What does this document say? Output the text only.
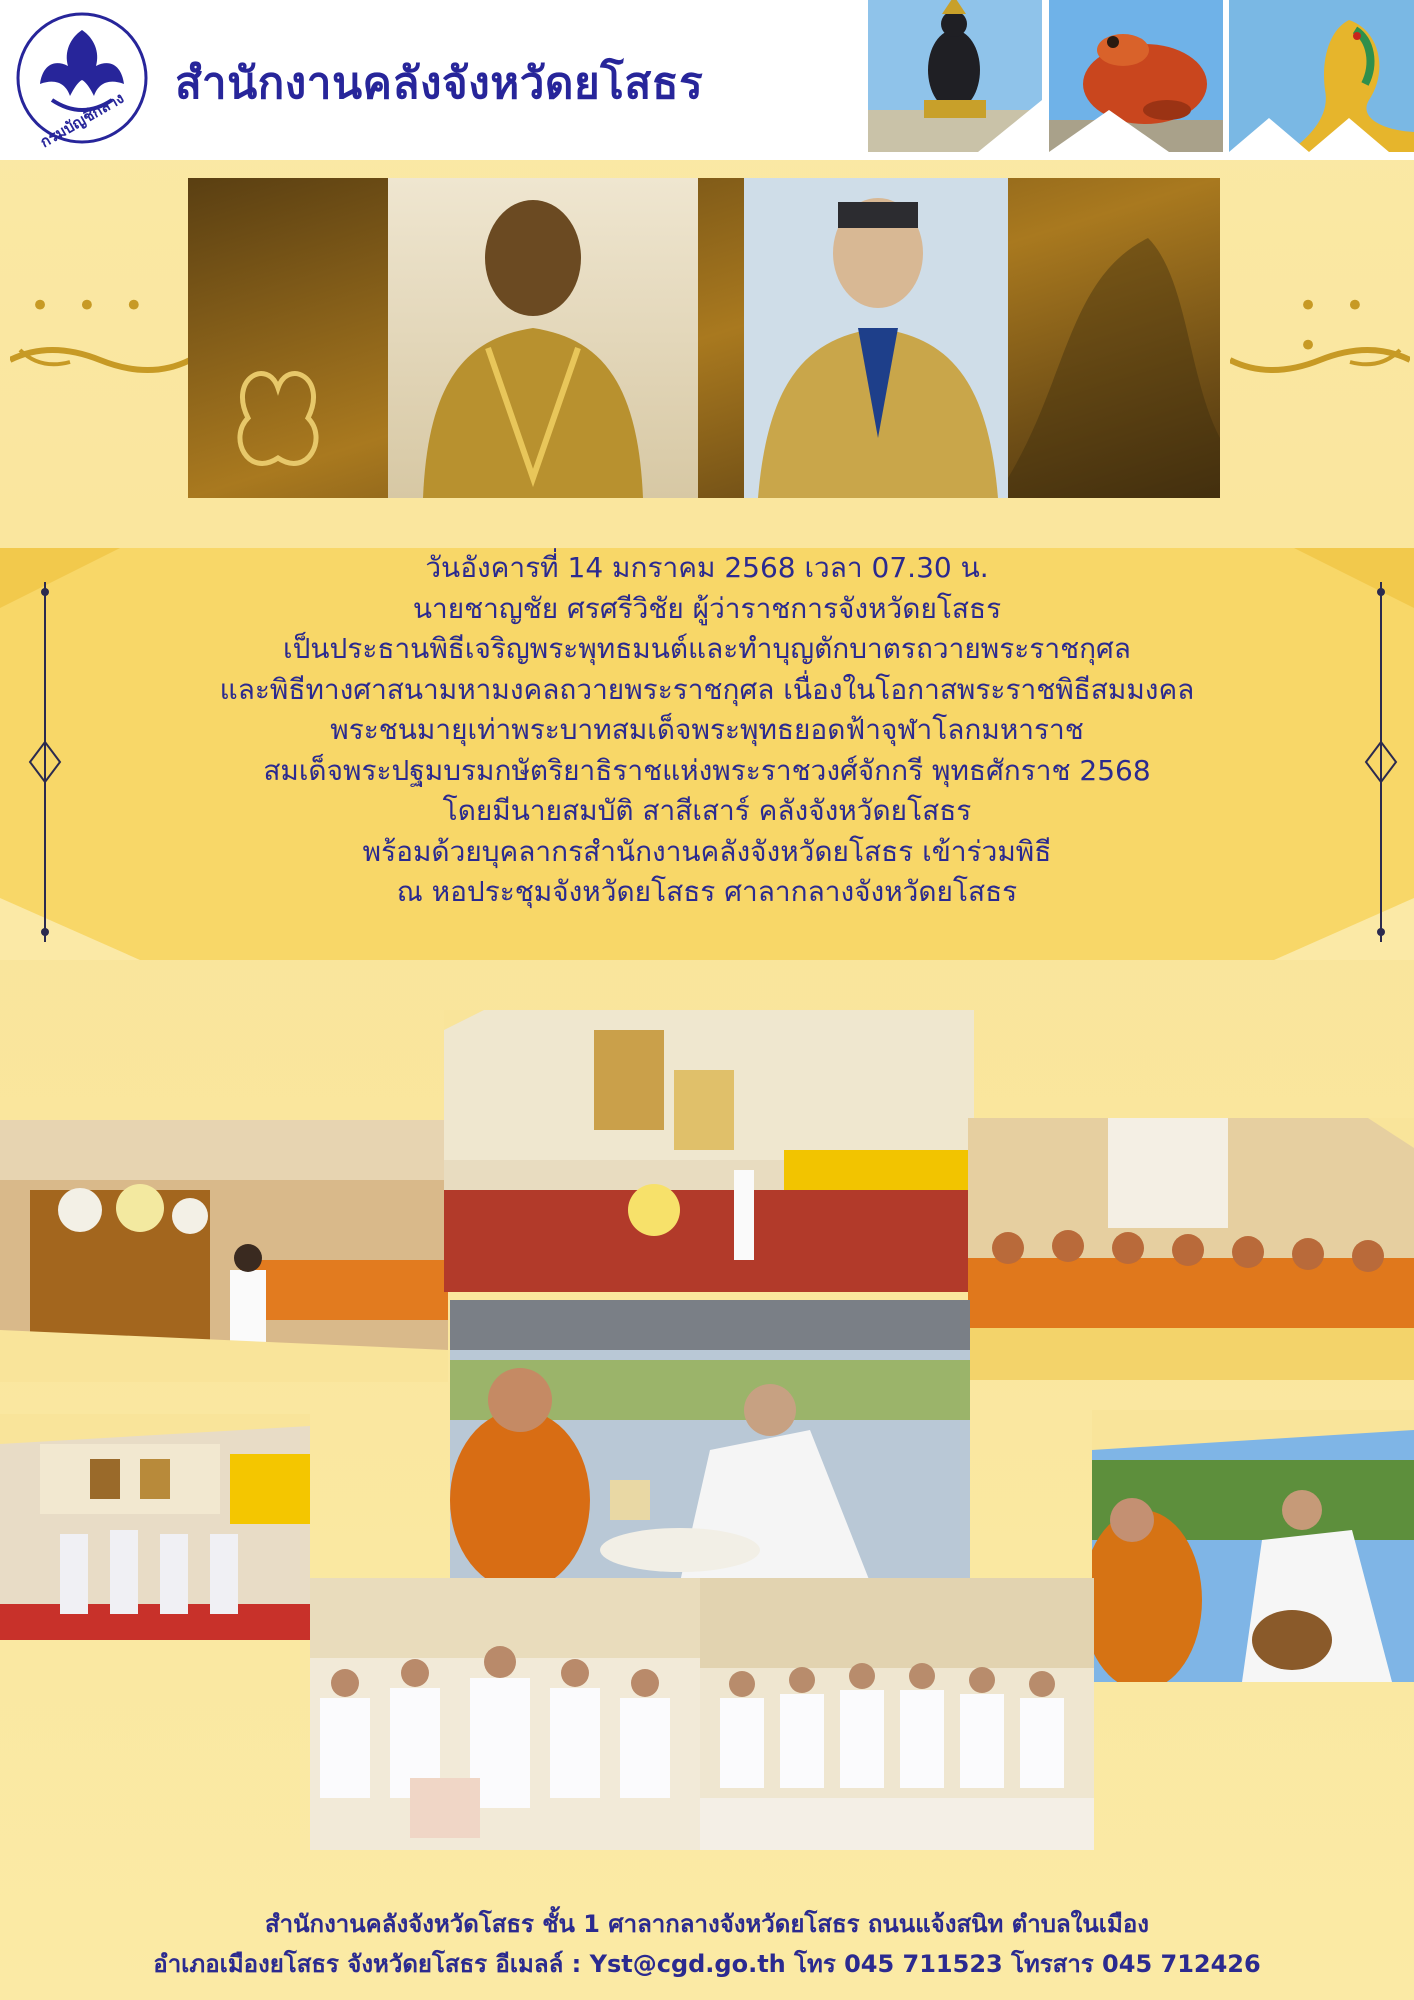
กรมบัญชีกลาง
สำนักงานคลังจังหวัดยโสธร
• • •	• • •
วันอังคารที่ 14 มกราคม 2568 เวลา 07.30 น.
นายชาญชัย ศรศรีวิชัย ผู้ว่าราชการจังหวัดยโสธร
เป็นประธานพิธีเจริญพระพุทธมนต์และทำบุญตักบาตรถวายพระราชกุศล
และพิธีทางศาสนามหามงคลถวายพระราชกุศล เนื่องในโอกาสพระราชพิธีสมมงคล
พระชนมายุเท่าพระบาทสมเด็จพระพุทธยอดฟ้าจุฬาโลกมหาราช
สมเด็จพระปฐมบรมกษัตริยาธิราชแห่งพระราชวงศ์จักกรี พุทธศักราช 2568
โดยมีนายสมบัติ สาสีเสาร์ คลังจังหวัดยโสธร
พร้อมด้วยบุคลากรสำนักงานคลังจังหวัดยโสธร เข้าร่วมพิธี
ณ หอประชุมจังหวัดยโสธร ศาลากลางจังหวัดยโสธร
สำนักงานคลังจังหวัดโสธร ชั้น 1 ศาลากลางจังหวัดยโสธร ถนนแจ้งสนิท ตำบลในเมือง
อำเภอเมืองยโสธร จังหวัดยโสธร อีเมลล์ : Yst@cgd.go.th โทร 045 711523 โทรสาร 045 712426
